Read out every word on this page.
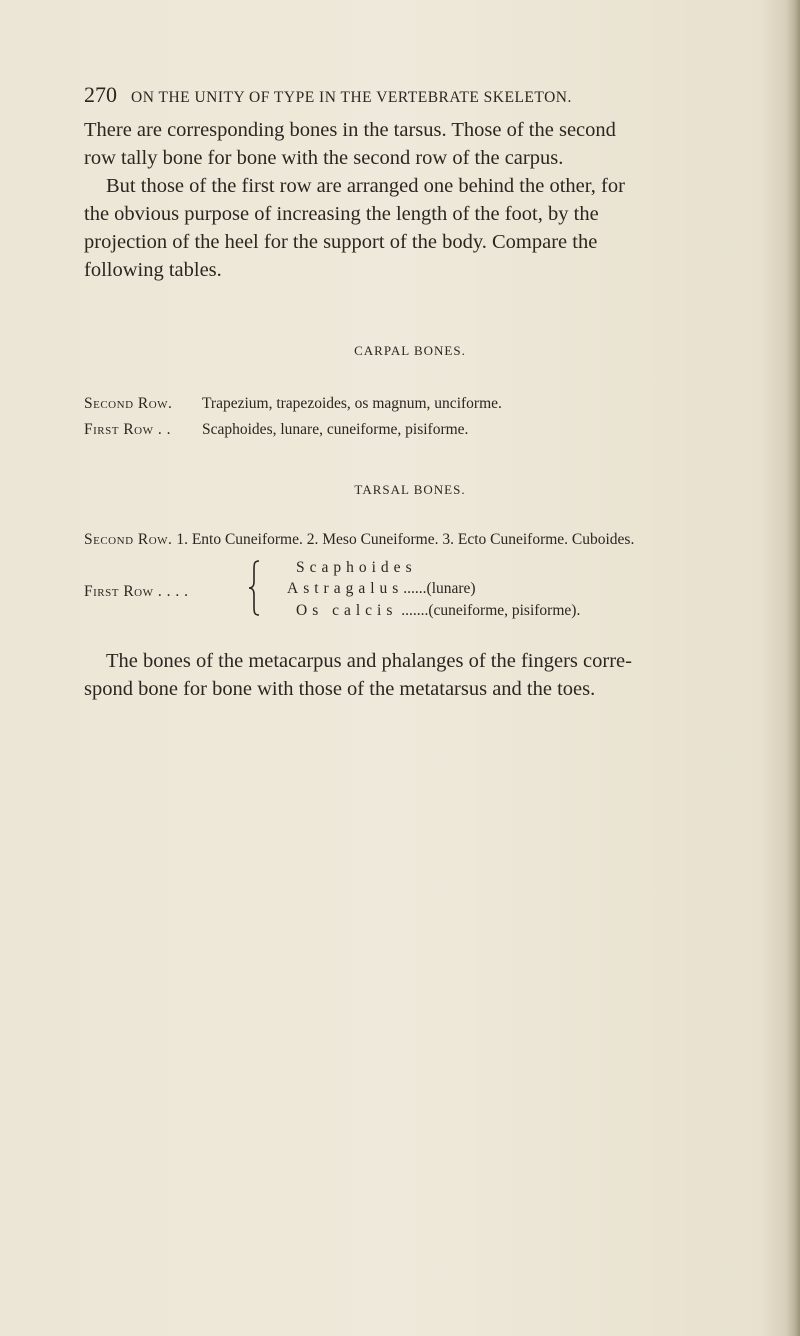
270 ON THE UNITY OF TYPE IN THE VERTEBRATE SKELETON.

There are corresponding bones in the tarsus. Those of the second
row tally bone for bone with the second row of the carpus.
But those of the first row are arranged one behind the other, for
the obvious purpose of increasing the length of the foot, by the
projection of the heel for the support of the body. Compare the
following tables.

CARPAL BONES.
Second Row. Trapezium, trapezoides, os magnum, unciforme.
First Row . . Scaphoides, lunare, cuneiforme, pisiforme.
TARSAL BONES.
Second Row. 1. Ento Cuneiforme. 2. Meso Cuneiforme. 3. Ecto Cuneiforme. Cuboides.
First Row . . . .
Scaphoides
Astragalus......(lunare)
Os calcis .......(cuneiforme, pisiforme).

The bones of the metacarpus and phalanges of the fingers corre-
spond bone for bone with those of the metatarsus and the toes.
